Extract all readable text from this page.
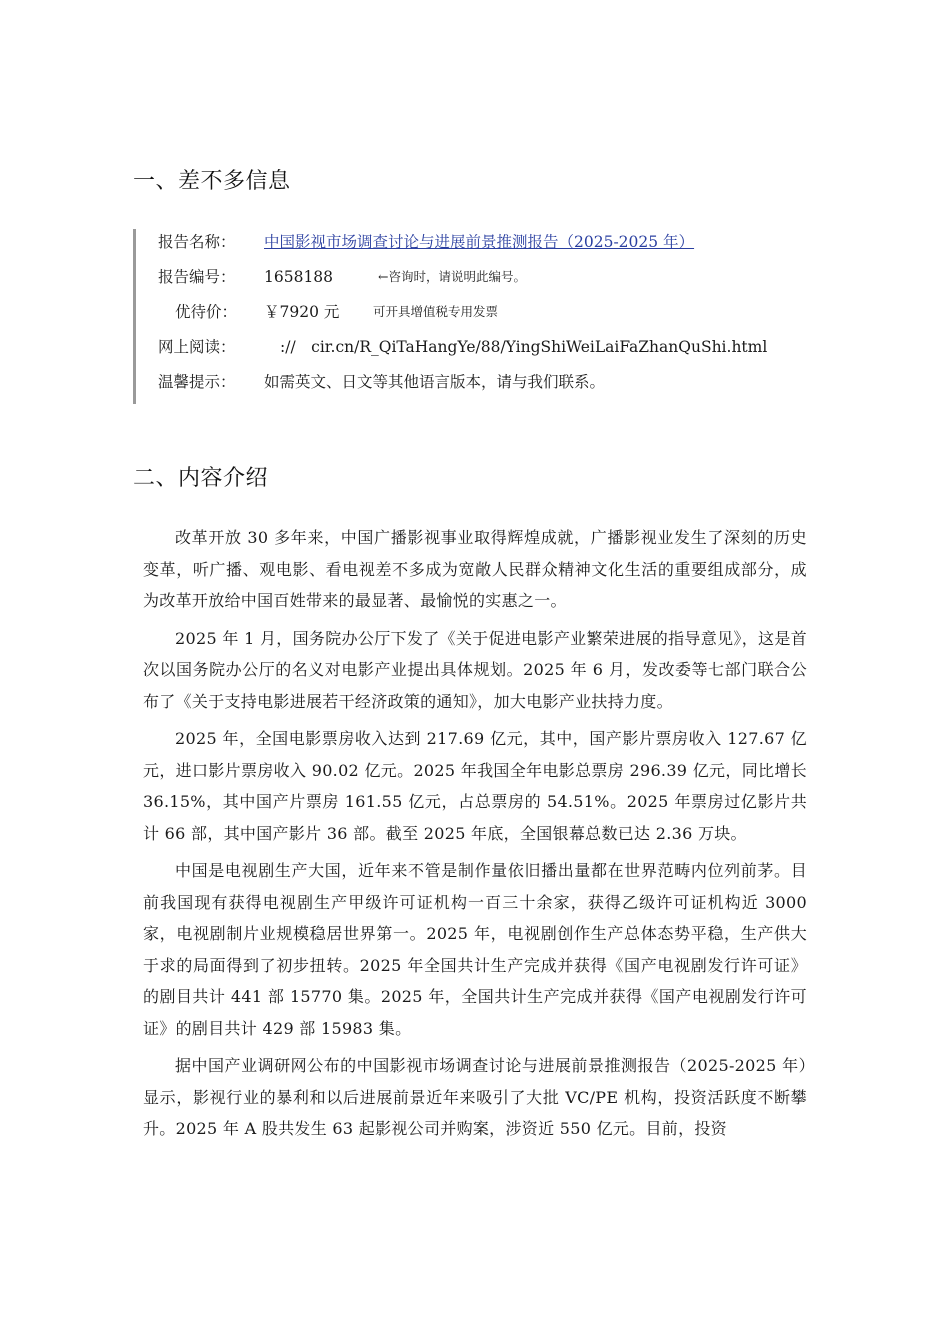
一、差不多信息
报告名称：	中国影视市场调查讨论与进展前景推测报告（2025-2025 年）
报告编号：	1658188	←咨询时，请说明此编号。
优待价：	￥7920 元	可开具增值税专用发票
网上阅读：	://　cir.cn/R_QiTaHangYe/88/YingShiWeiLaiFaZhanQuShi.html
温馨提示：	如需英文、日文等其他语言版本，请与我们联系。
二、内容介绍

改革开放 30 多年来，中国广播影视事业取得辉煌成就，广播影视业发生了深刻的历史变革，听广播、观电影、看电视差不多成为宽敞人民群众精神文化生活的重要组成部分，成为改革开放给中国百姓带来的最显著、最愉悦的实惠之一。

2025 年 1 月，国务院办公厅下发了《关于促进电影产业繁荣进展的指导意见》，这是首次以国务院办公厅的名义对电影产业提出具体规划。2025 年 6 月，发改委等七部门联合公布了《关于支持电影进展若干经济政策的通知》，加大电影产业扶持力度。

2025 年，全国电影票房收入达到 217.69 亿元，其中，国产影片票房收入 127.67 亿元，进口影片票房收入 90.02 亿元。2025 年我国全年电影总票房 296.39 亿元，同比增长 36.15%，其中国产片票房 161.55 亿元，占总票房的 54.51%。2025 年票房过亿影片共计 66 部，其中国产影片 36 部。截至 2025 年底，全国银幕总数已达 2.36 万块。

中国是电视剧生产大国，近年来不管是制作量依旧播出量都在世界范畴内位列前茅。目前我国现有获得电视剧生产甲级许可证机构一百三十余家，获得乙级许可证机构近 3000 家，电视剧制片业规模稳居世界第一。2025 年，电视剧创作生产总体态势平稳，生产供大于求的局面得到了初步扭转。2025 年全国共计生产完成并获得《国产电视剧发行许可证》的剧目共计 441 部 15770 集。2025 年，全国共计生产完成并获得《国产电视剧发行许可证》的剧目共计 429 部 15983 集。

据中国产业调研网公布的中国影视市场调查讨论与进展前景推测报告（2025-2025 年）显示，影视行业的暴利和以后进展前景近年来吸引了大批 VC/PE 机构，投资活跃度不断攀升。2025 年 A 股共发生 63 起影视公司并购案，涉资近 550 亿元。目前，投资
